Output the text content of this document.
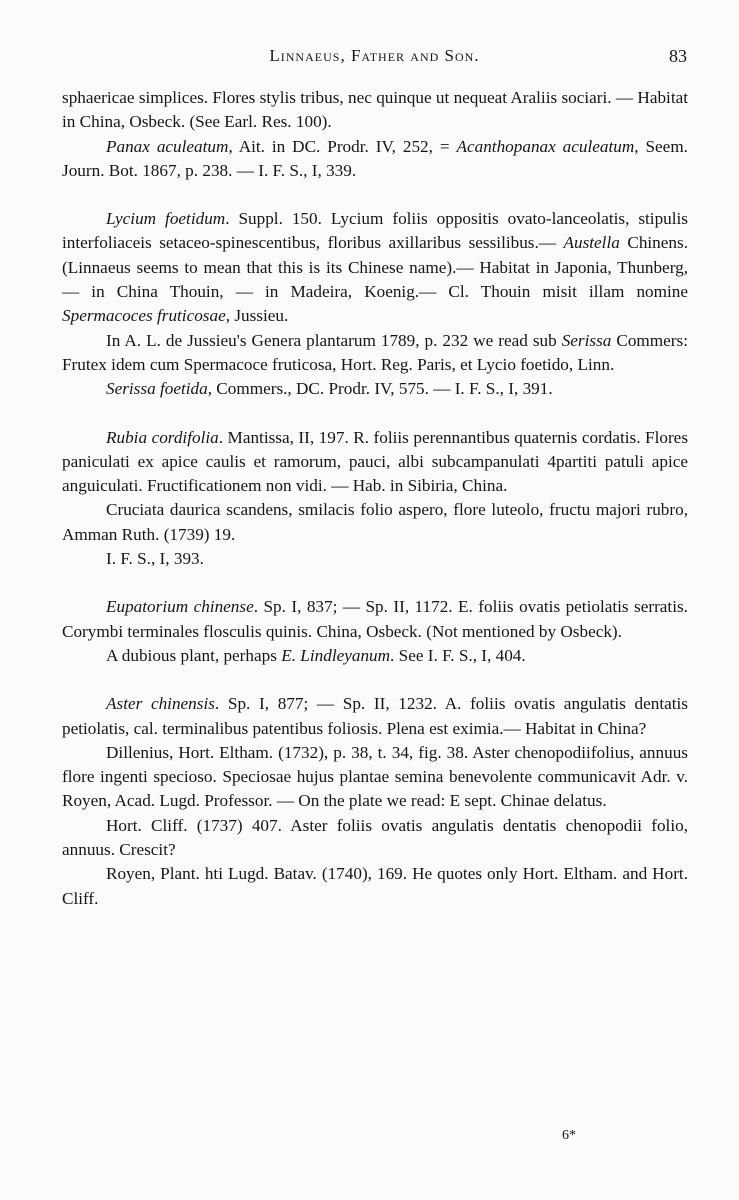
Linnaeus, Father and Son.	83

sphaericae simplices. Flores stylis tribus, nec quinque ut nequeat Araliis sociari. — Habitat in China, Osbeck. (See Earl. Res. 100).

Panax aculeatum, Ait. in DC. Prodr. IV, 252, = Acanthopanax aculeatum, Seem. Journ. Bot. 1867, p. 238. — I. F. S., I, 339.

Lycium foetidum. Suppl. 150. Lycium foliis oppositis ovato-lanceolatis, stipulis interfoliaceis setaceo-spinescentibus, floribus axillaribus sessilibus.— Austella Chinens. (Linnaeus seems to mean that this is its Chinese name).— Habitat in Japonia, Thunberg, — in China Thouin, — in Madeira, Koenig.— Cl. Thouin misit illam nomine Spermacoces fruticosae, Jussieu.

In A. L. de Jussieu's Genera plantarum 1789, p. 232 we read sub Serissa Commers: Frutex idem cum Spermacoce fruticosa, Hort. Reg. Paris, et Lycio foetido, Linn.

Serissa foetida, Commers., DC. Prodr. IV, 575. — I. F. S., I, 391.

Rubia cordifolia. Mantissa, II, 197. R. foliis perennantibus quaternis cordatis. Flores paniculati ex apice caulis et ramorum, pauci, albi subcampanulati 4partiti patuli apice anguiculati. Fructificationem non vidi. — Hab. in Sibiria, China.

Cruciata daurica scandens, smilacis folio aspero, flore luteolo, fructu majori rubro, Amman Ruth. (1739) 19.

I. F. S., I, 393.

Eupatorium chinense. Sp. I, 837; — Sp. II, 1172. E. foliis ovatis petiolatis serratis. Corymbi terminales flosculis quinis. China, Osbeck. (Not mentioned by Osbeck).

A dubious plant, perhaps E. Lindleyanum. See I. F. S., I, 404.

Aster chinensis. Sp. I, 877; — Sp. II, 1232. A. foliis ovatis angulatis dentatis petiolatis, cal. terminalibus patentibus foliosis. Plena est eximia.— Habitat in China?

Dillenius, Hort. Eltham. (1732), p. 38, t. 34, fig. 38. Aster chenopodiifolius, annuus flore ingenti specioso. Speciosae hujus plantae semina benevolente communicavit Adr. v. Royen, Acad. Lugd. Professor. — On the plate we read: E sept. Chinae delatus.

Hort. Cliff. (1737) 407. Aster foliis ovatis angulatis dentatis chenopodii folio, annuus. Crescit?

Royen, Plant. hti Lugd. Batav. (1740), 169. He quotes only Hort. Eltham. and Hort. Cliff.

6*
